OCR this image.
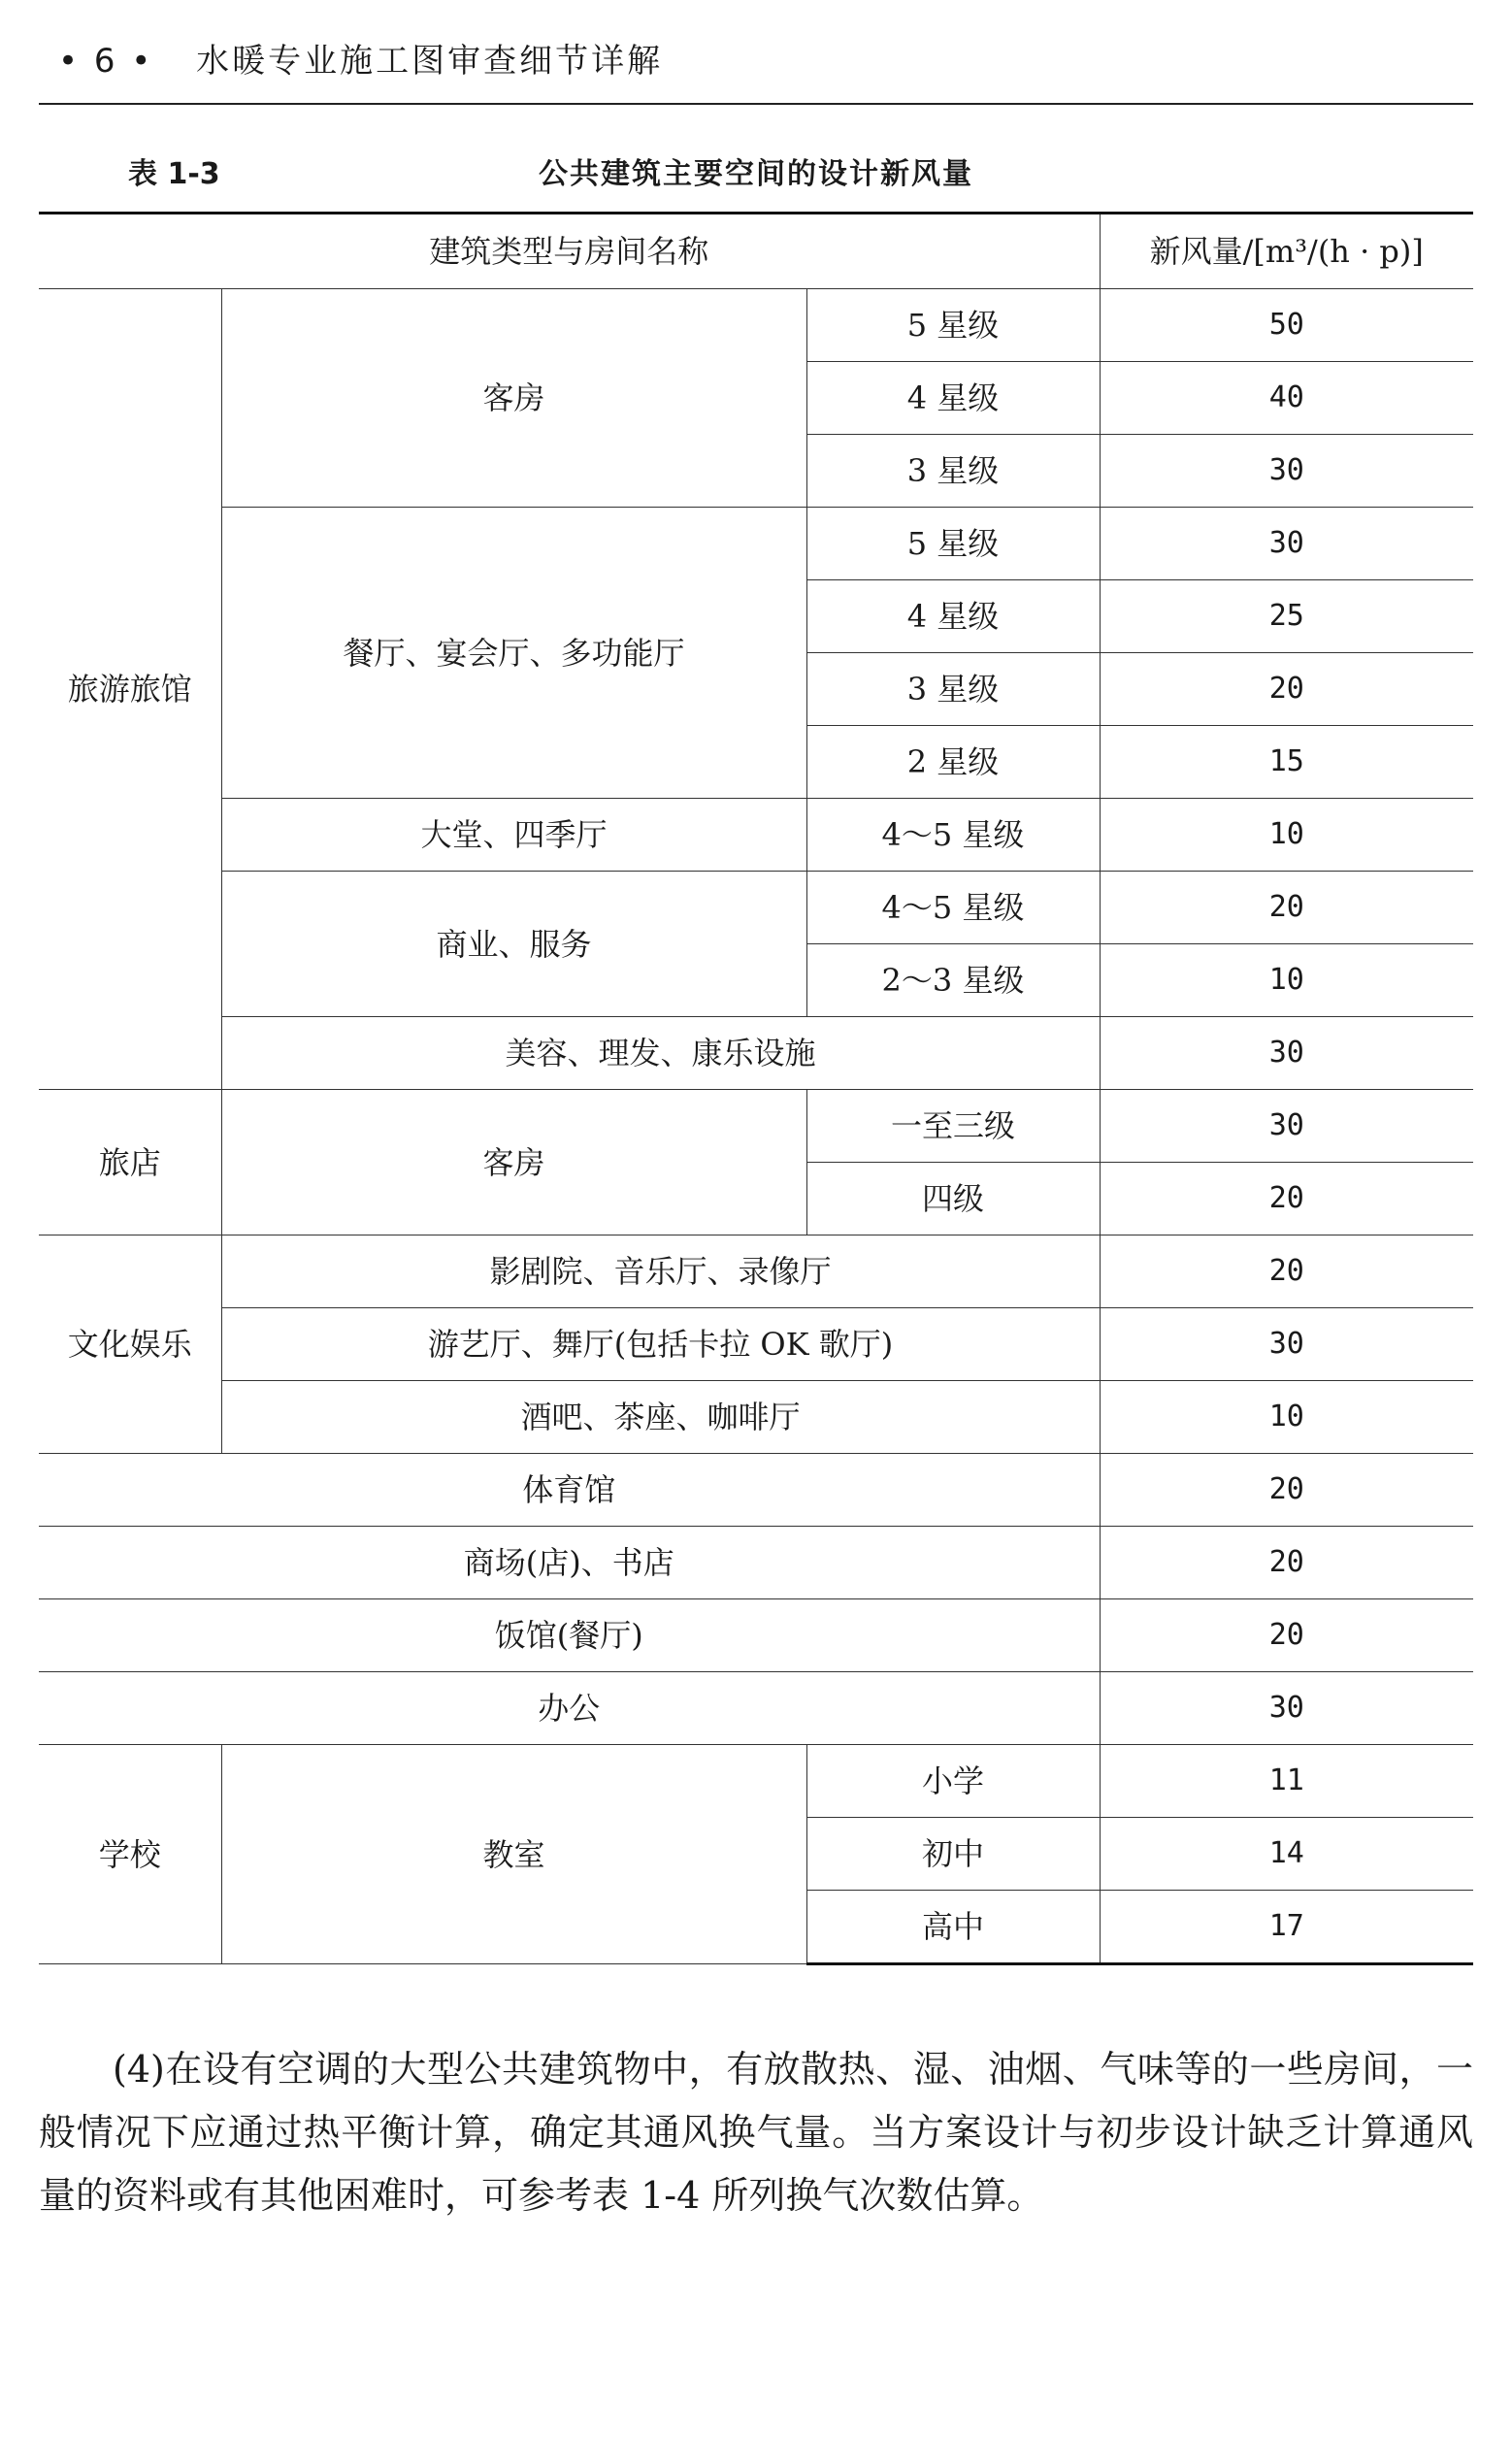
• 6 • 水暖专业施工图审查细节详解
表 1-3	公共建筑主要空间的设计新风量
建筑类型与房间名称			新风量/[m³/(h · p)]
旅游旅馆	客房	5 星级	50
		4 星级	40
		3 星级	30
	餐厅、宴会厅、多功能厅	5 星级	30
		4 星级	25
		3 星级	20
		2 星级	15
	大堂、四季厅	4～5 星级	10
	商业、服务	4～5 星级	20
		2～3 星级	10
	美容、理发、康乐设施		30
旅店	客房	一至三级	30
		四级	20
文化娱乐	影剧院、音乐厅、录像厅		20
	游艺厅、舞厅(包括卡拉 OK 歌厅)		30
	酒吧、茶座、咖啡厅		10
体育馆			20
商场(店)、书店			20
饭馆(餐厅)			20
办公			30
学校	教室	小学	11
		初中	14
		高中	17

(4)在设有空调的大型公共建筑物中，有放散热、湿、油烟、气味等的一些房间，一般情况下应通过热平衡计算，确定其通风换气量。当方案设计与初步设计缺乏计算通风量的资料或有其他困难时，可参考表 1-4 所列换气次数估算。
